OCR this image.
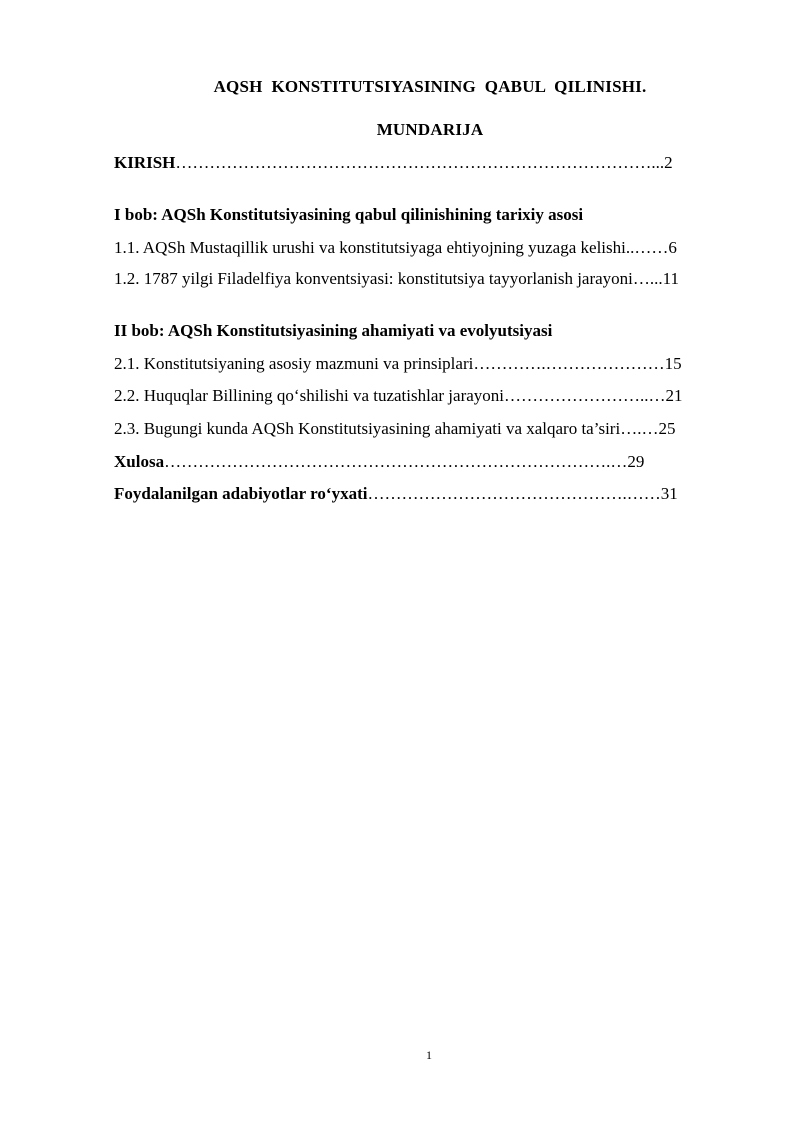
AQSH  KONSTITUTSIYASINING  QABUL  QILINISHI.
MUNDARIJA
KIRISH…………………………………………………………………………...2
I bob: AQSh Konstitutsiyasining qabul qilinishining tarixiy asosi
1.1. AQSh Mustaqillik urushi va konstitutsiyaga ehtiyojning yuzaga kelishi..……6
1.2. 1787 yilgi Filadelfiya konventsiyasi: konstitutsiya tayyorlanish jarayoni…...11
II bob: AQSh Konstitutsiyasining ahamiyati va evolyutsiyasi
2.1. Konstitutsiyaning asosiy mazmuni va prinsiplari………….…………………15
2.2. Huquqlar Billining qo‘shilishi va tuzatishlar jarayoni……………………..…21
2.3. Bugungi kunda AQSh Konstitutsiyasining ahamiyati va xalqaro ta’siri….…25
Xulosa…………………………………………………………………….…29
Foydalanilgan adabiyotlar ro‘yxati……………………………………….……31
1
